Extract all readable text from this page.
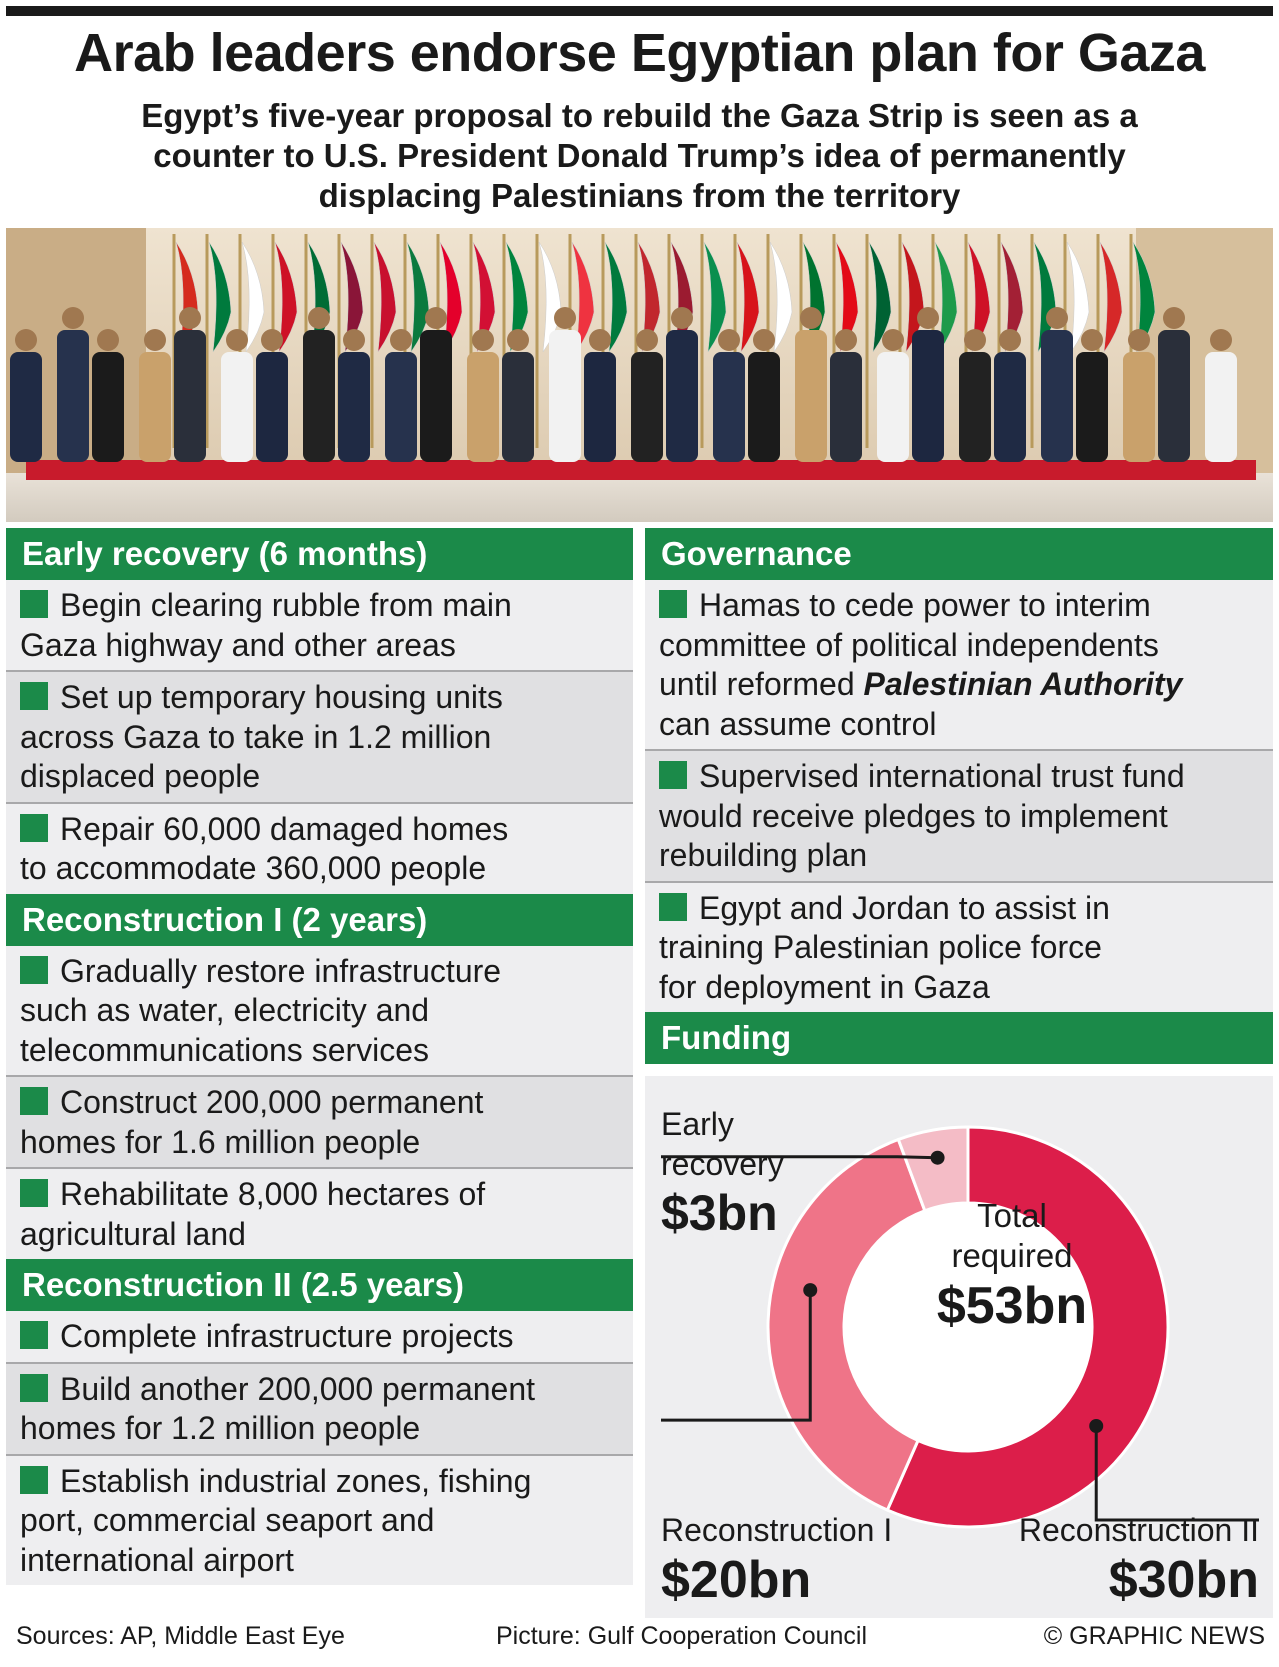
Arab leaders endorse Egyptian plan for Gaza
Egypt’s five-year proposal to rebuild the Gaza Strip is seen as a
counter to U.S. President Donald Trump’s idea of permanently
displacing Palestinians from the territory
Early recovery (6 months)
Begin clearing rubble from main
Gaza highway and other areas
Set up temporary housing units
across Gaza to take in 1.2 million
displaced people
Repair 60,000 damaged homes
to accommodate 360,000 people
Reconstruction I (2 years)
Gradually restore infrastructure
such as water, electricity and
telecommunications services
Construct 200,000 permanent
homes for 1.6 million people
Rehabilitate 8,000 hectares of
agricultural land
Reconstruction II (2.5 years)
Complete infrastructure projects
Build another 200,000 permanent
homes for 1.2 million people
Establish industrial zones, fishing
port, commercial seaport and
international airport
Governance
Hamas to cede power to interim
committee of political independents
until reformed Palestinian Authority
can assume control
Supervised international trust fund
would receive pledges to implement
rebuilding plan
Egypt and Jordan to assist in
training Palestinian police force
for deployment in Gaza
Funding
Early
recovery
$3bn	Total
required
$53bn
Reconstruction I
$20bn
Reconstruction II
$30bn
Sources: AP, Middle East Eye	Picture: Gulf Cooperation Council	© GRAPHIC NEWS
